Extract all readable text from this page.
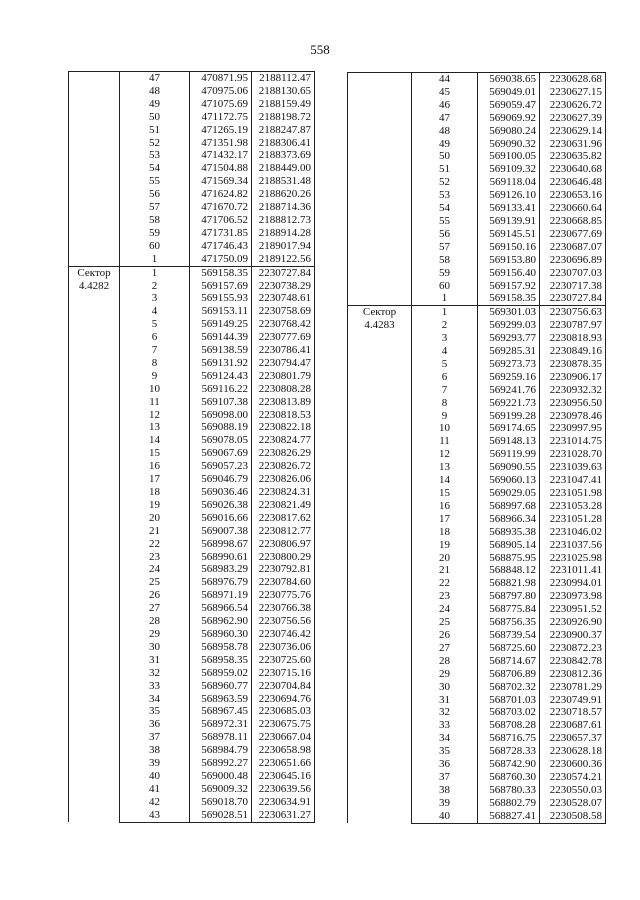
558
	47	470871.95	2188112.47
	48	470975.06	2188130.65
	49	471075.69	2188159.49
	50	471172.75	2188198.72
	51	471265.19	2188247.87
	52	471351.98	2188306.41
	53	471432.17	2188373.69
	54	471504.88	2188449.00
	55	471569.34	2188531.48
	56	471624.82	2188620.26
	57	471670.72	2188714.36
	58	471706.52	2188812.73
	59	471731.85	2188914.28
	60	471746.43	2189017.94
	1	471750.09	2189122.56
Сектор
4.4282	1	569158.35	2230727.84
	2	569157.69	2230738.29
	3	569155.93	2230748.61
	4	569153.11	2230758.69
	5	569149.25	2230768.42
	6	569144.39	2230777.69
	7	569138.59	2230786.41
	8	569131.92	2230794.47
	9	569124.43	2230801.79
	10	569116.22	2230808.28
	11	569107.38	2230813.89
	12	569098.00	2230818.53
	13	569088.19	2230822.18
	14	569078.05	2230824.77
	15	569067.69	2230826.29
	16	569057.23	2230826.72
	17	569046.79	2230826.06
	18	569036.46	2230824.31
	19	569026.38	2230821.49
	20	569016.66	2230817.62
	21	569007.38	2230812.77
	22	568998.67	2230806.97
	23	568990.61	2230800.29
	24	568983.29	2230792.81
	25	568976.79	2230784.60
	26	568971.19	2230775.76
	27	568966.54	2230766.38
	28	568962.90	2230756.56
	29	568960.30	2230746.42
	30	568958.78	2230736.06
	31	568958.35	2230725.60
	32	568959.02	2230715.16
	33	568960.77	2230704.84
	34	568963.59	2230694.76
	35	568967.45	2230685.03
	36	568972.31	2230675.75
	37	568978.11	2230667.04
	38	568984.79	2230658.98
	39	568992.27	2230651.66
	40	569000.48	2230645.16
	41	569009.32	2230639.56
	42	569018.70	2230634.91
	43	569028.51	2230631.27
	44	569038.65	2230628.68
	45	569049.01	2230627.15
	46	569059.47	2230626.72
	47	569069.92	2230627.39
	48	569080.24	2230629.14
	49	569090.32	2230631.96
	50	569100.05	2230635.82
	51	569109.32	2230640.68
	52	569118.04	2230646.48
	53	569126.10	2230653.16
	54	569133.41	2230660.64
	55	569139.91	2230668.85
	56	569145.51	2230677.69
	57	569150.16	2230687.07
	58	569153.80	2230696.89
	59	569156.40	2230707.03
	60	569157.92	2230717.38
	1	569158.35	2230727.84
Сектор
4.4283	1	569301.03	2230756.63
	2	569299.03	2230787.97
	3	569293.77	2230818.93
	4	569285.31	2230849.16
	5	569273.73	2230878.35
	6	569259.16	2230906.17
	7	569241.76	2230932.32
	8	569221.73	2230956.50
	9	569199.28	2230978.46
	10	569174.65	2230997.95
	11	569148.13	2231014.75
	12	569119.99	2231028.70
	13	569090.55	2231039.63
	14	569060.13	2231047.41
	15	569029.05	2231051.98
	16	568997.68	2231053.28
	17	568966.34	2231051.28
	18	568935.38	2231046.02
	19	568905.14	2231037.56
	20	568875.95	2231025.98
	21	568848.12	2231011.41
	22	568821.98	2230994.01
	23	568797.80	2230973.98
	24	568775.84	2230951.52
	25	568756.35	2230926.90
	26	568739.54	2230900.37
	27	568725.60	2230872.23
	28	568714.67	2230842.78
	29	568706.89	2230812.36
	30	568702.32	2230781.29
	31	568701.03	2230749.91
	32	568703.02	2230718.57
	33	568708.28	2230687.61
	34	568716.75	2230657.37
	35	568728.33	2230628.18
	36	568742.90	2230600.36
	37	568760.30	2230574.21
	38	568780.33	2230550.03
	39	568802.79	2230528.07
	40	568827.41	2230508.58
